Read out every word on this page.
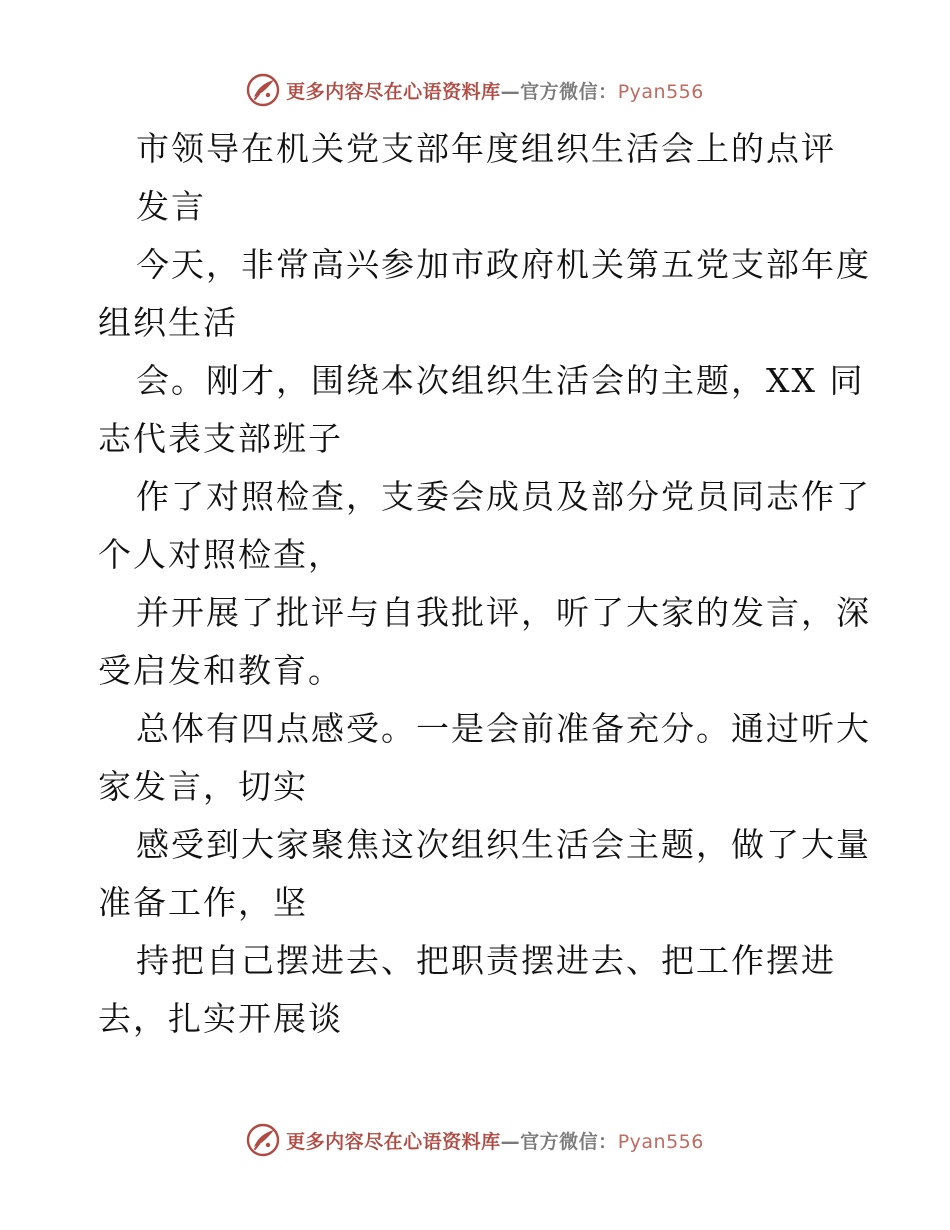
更多内容尽在心语资料库—官方微信：Pyan556
市领导在机关党支部年度组织生活会上的点评
发言
今天，非常高兴参加市政府机关第五党支部年度
组织生活
会。刚才，围绕本次组织生活会的主题，XX 同
志代表支部班子
作了对照检查，支委会成员及部分党员同志作了
个人对照检查，
并开展了批评与自我批评，听了大家的发言，深
受启发和教育。
总体有四点感受。一是会前准备充分。通过听大
家发言，切实
感受到大家聚焦这次组织生活会主题，做了大量
准备工作，坚
持把自己摆进去、把职责摆进去、把工作摆进
去，扎实开展谈
更多内容尽在心语资料库—官方微信：Pyan556
